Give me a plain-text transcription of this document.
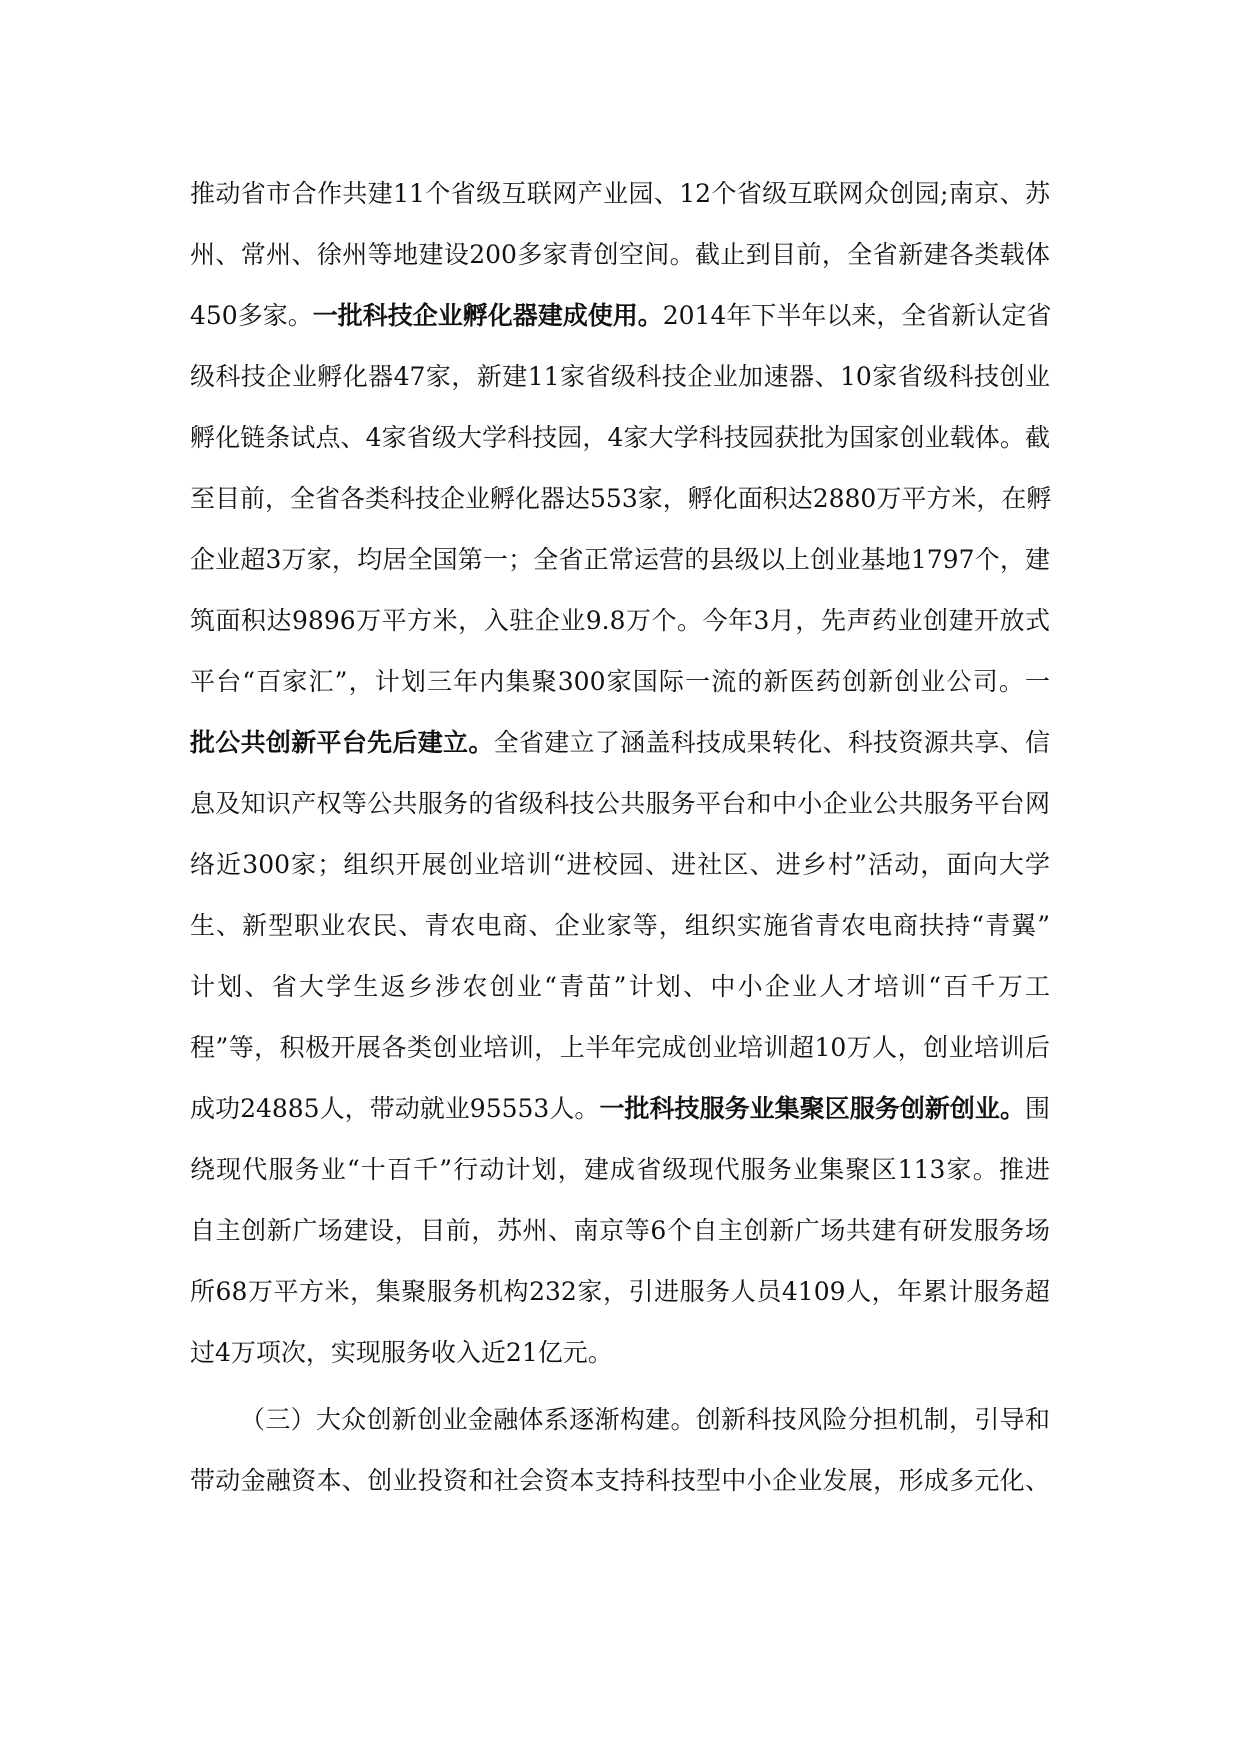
推动省市合作共建11个省级互联网产业园、12个省级互联网众创园;南京、苏
州、常州、徐州等地建设200多家青创空间。截止到目前，全省新建各类载体
450多家。一批科技企业孵化器建成使用。2014年下半年以来，全省新认定省
级科技企业孵化器47家，新建11家省级科技企业加速器、10家省级科技创业
孵化链条试点、4家省级大学科技园，4家大学科技园获批为国家创业载体。截
至目前，全省各类科技企业孵化器达553家，孵化面积达2880万平方米，在孵
企业超3万家，均居全国第一；全省正常运营的县级以上创业基地1797个，建
筑面积达9896万平方米，入驻企业9.8万个。今年3月，先声药业创建开放式
平台“百家汇”，计划三年内集聚300家国际一流的新医药创新创业公司。一
批公共创新平台先后建立。全省建立了涵盖科技成果转化、科技资源共享、信
息及知识产权等公共服务的省级科技公共服务平台和中小企业公共服务平台网
络近300家；组织开展创业培训“进校园、进社区、进乡村”活动，面向大学
生、新型职业农民、青农电商、企业家等，组织实施省青农电商扶持“青翼”
计划、省大学生返乡涉农创业“青苗”计划、中小企业人才培训“百千万工
程”等，积极开展各类创业培训，上半年完成创业培训超10万人，创业培训后
成功24885人，带动就业95553人。一批科技服务业集聚区服务创新创业。围
绕现代服务业“十百千”行动计划，建成省级现代服务业集聚区113家。推进
自主创新广场建设，目前，苏州、南京等6个自主创新广场共建有研发服务场
所68万平方米，集聚服务机构232家，引进服务人员4109人，年累计服务超
过4万项次，实现服务收入近21亿元。
（三）大众创新创业金融体系逐渐构建。创新科技风险分担机制，引导和
带动金融资本、创业投资和社会资本支持科技型中小企业发展，形成多元化、
